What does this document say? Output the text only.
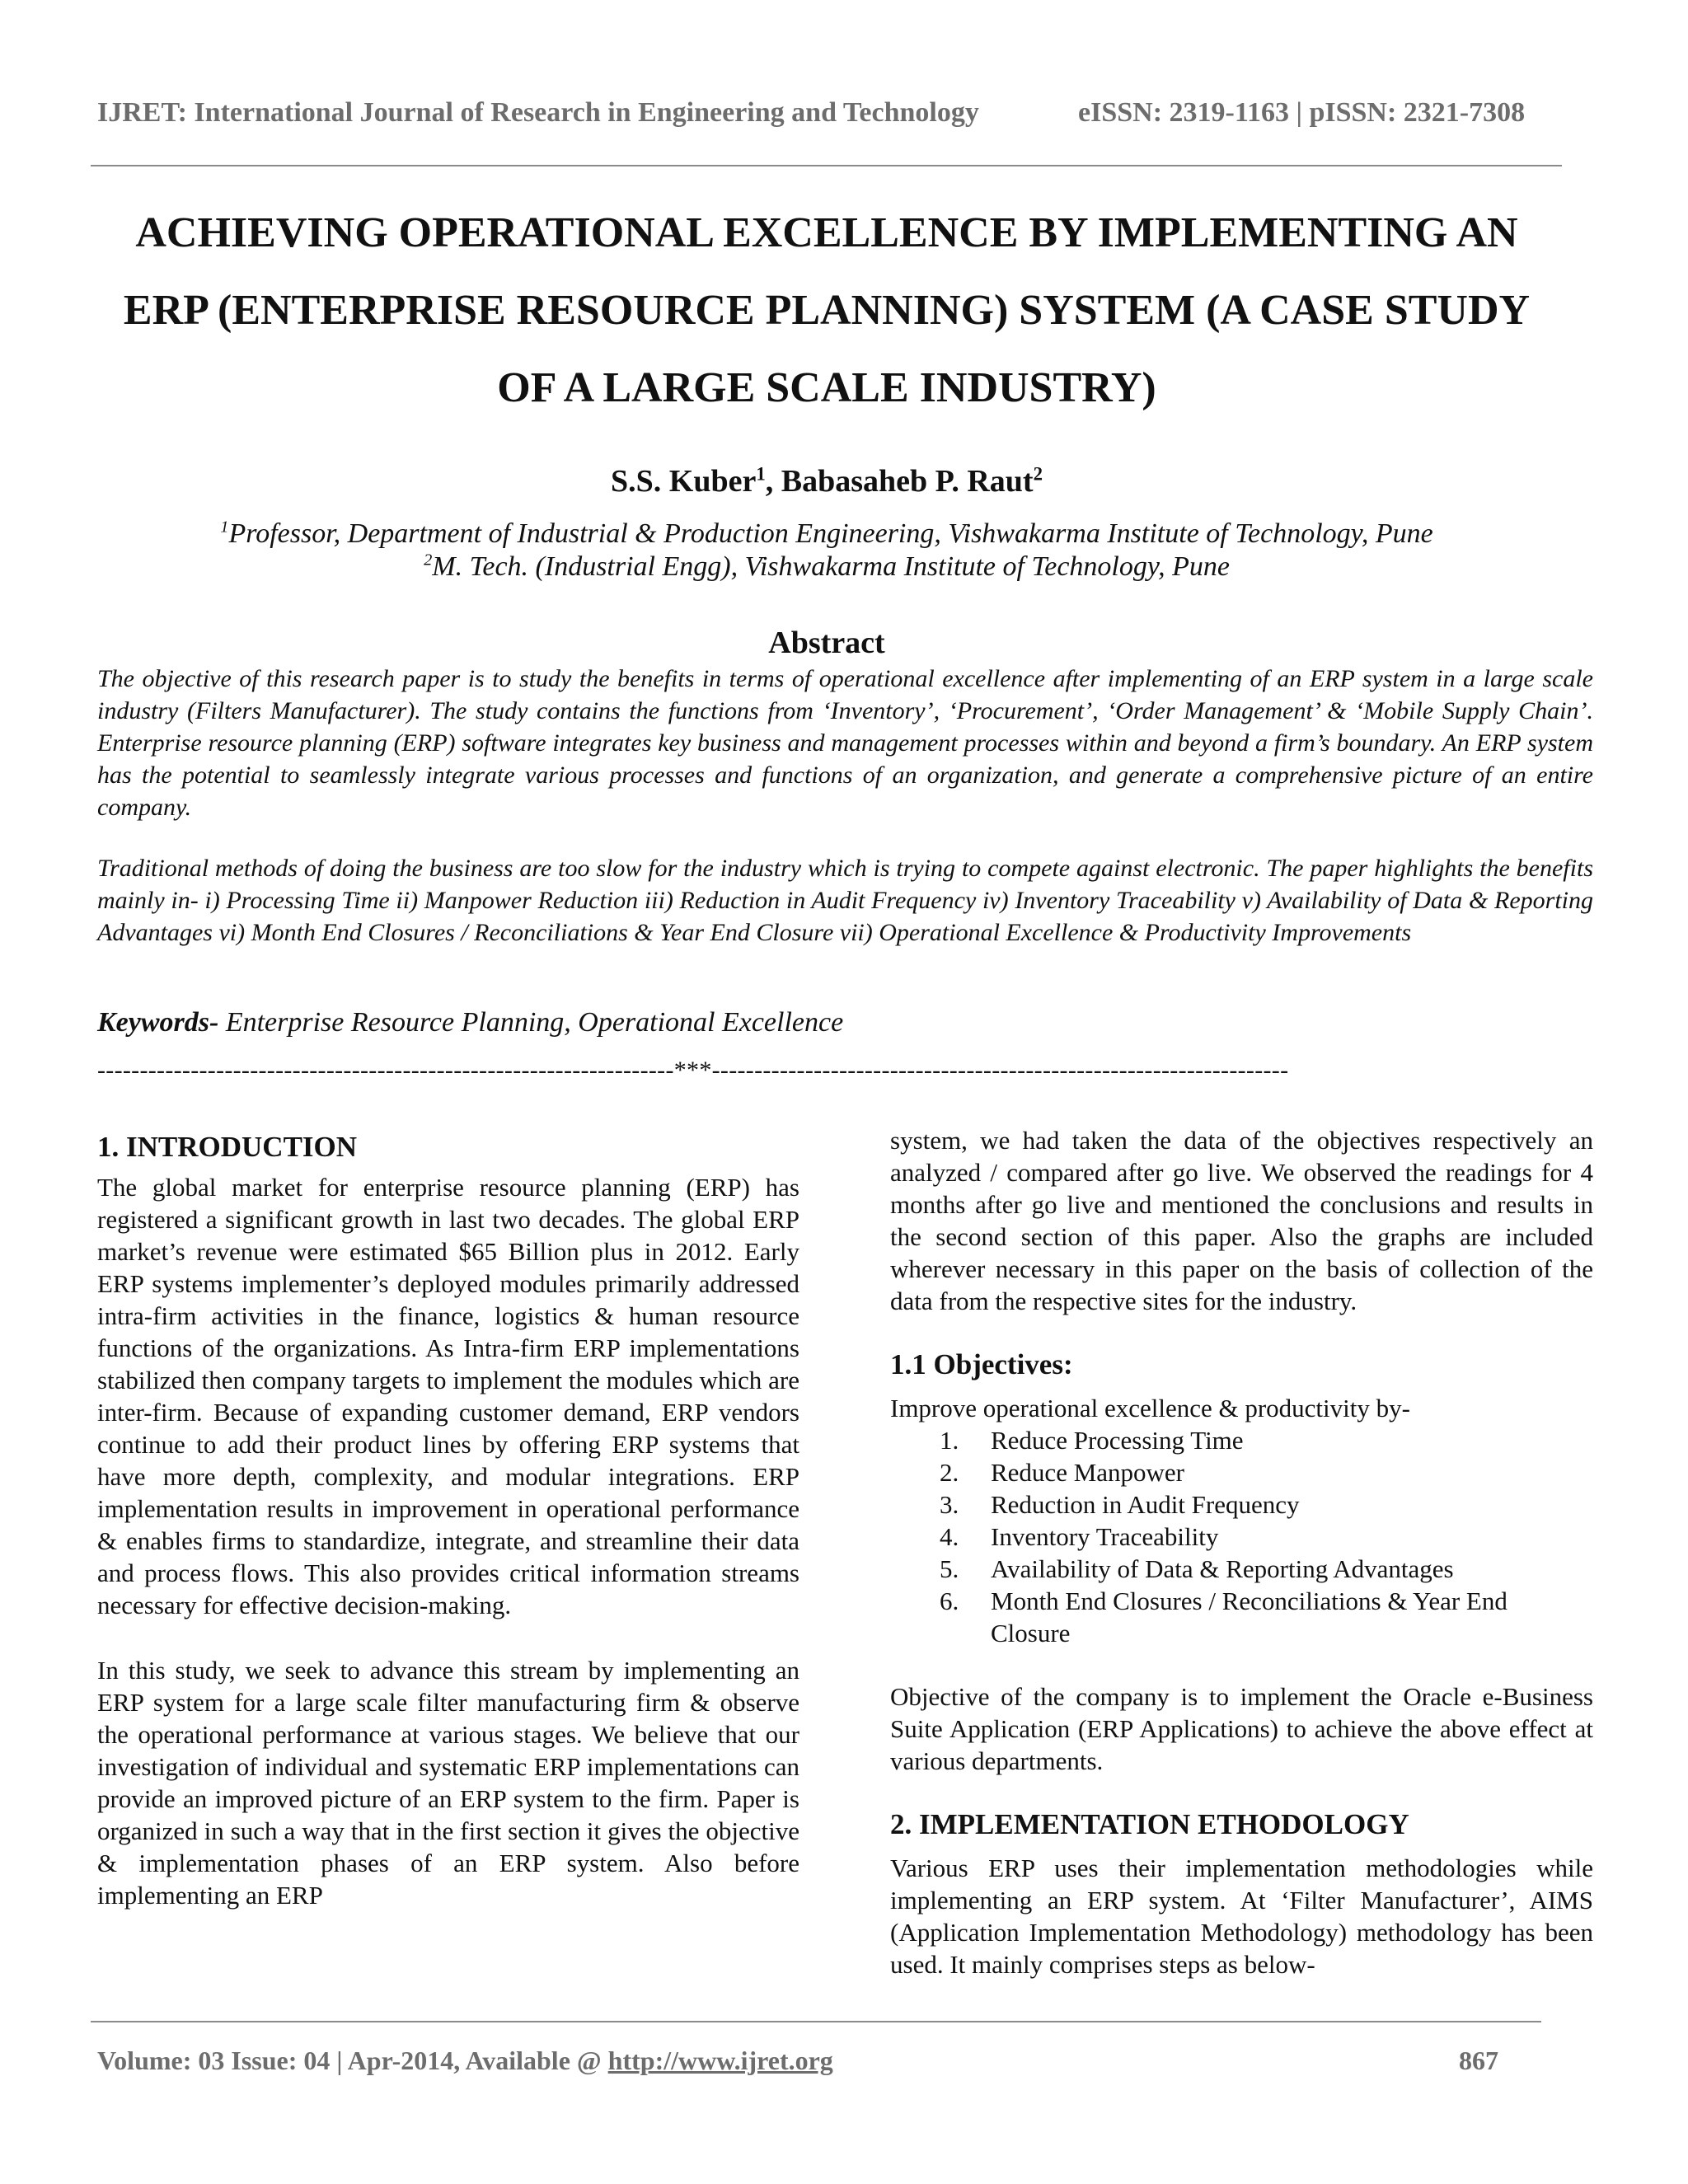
IJRET: International Journal of Research in Engineering and Technology	eISSN: 2319-1163 | pISSN: 2321-7308
ACHIEVING OPERATIONAL EXCELLENCE BY IMPLEMENTING AN ERP (ENTERPRISE RESOURCE PLANNING) SYSTEM (A CASE STUDY OF A LARGE SCALE INDUSTRY)
S.S. Kuber$^1$, Babasaheb P. Raut$^2$
$^1$Professor, Department of Industrial & Production Engineering, Vishwakarma Institute of Technology, Pune
$^2$M. Tech. (Industrial Engg), Vishwakarma Institute of Technology, Pune
Abstract
The objective of this research paper is to study the benefits in terms of operational excellence after implementing of an ERP system in a large scale industry (Filters Manufacturer). The study contains the functions from ‘Inventory’, ‘Procurement’, ‘Order Management’ & ‘Mobile Supply Chain’. Enterprise resource planning (ERP) software integrates key business and management processes within and beyond a firm’s boundary. An ERP system has the potential to seamlessly integrate various processes and functions of an organization, and generate a comprehensive picture of an entire company.
Traditional methods of doing the business are too slow for the industry which is trying to compete against electronic. The paper highlights the benefits mainly in- i) Processing Time ii) Manpower Reduction iii) Reduction in Audit Frequency iv) Inventory Traceability v) Availability of Data & Reporting Advantages vi) Month End Closures / Reconciliations & Year End Closure vii) Operational Excellence & Productivity Improvements
Keywords- Enterprise Resource Planning, Operational Excellence
--------------------------------------------------------------------***--------------------------------------------------------------------
1. INTRODUCTION

The global market for enterprise resource planning (ERP) has registered a significant growth in last two decades. The global ERP market’s revenue were estimated $65 Billion plus in 2012. Early ERP systems implementer’s deployed modules primarily addressed intra-firm activities in the finance, logistics & human resource functions of the organizations. As Intra-firm ERP implementations stabilized then company targets to implement the modules which are inter-firm. Because of expanding customer demand, ERP vendors continue to add their product lines by offering ERP systems that have more depth, complexity, and modular integrations. ERP implementation results in improvement in operational performance & enables firms to standardize, integrate, and streamline their data and process flows. This also provides critical information streams necessary for effective decision-making.

In this study, we seek to advance this stream by implementing an ERP system for a large scale filter manufacturing firm & observe the operational performance at various stages. We believe that our investigation of individual and systematic ERP implementations can provide an improved picture of an ERP system to the firm. Paper is organized in such a way that in the first section it gives the objective & implementation phases of an ERP system. Also before implementing an ERP

system, we had taken the data of the objectives respectively an analyzed / compared after go live. We observed the readings for 4 months after go live and mentioned the conclusions and results in the second section of this paper. Also the graphs are included wherever necessary in this paper on the basis of collection of the data from the respective sites for the industry.

1.1 Objectives:

Improve operational excellence & productivity by-

1. Reduce Processing Time
2. Reduce Manpower
3. Reduction in Audit Frequency
4. Inventory Traceability
5. Availability of Data & Reporting Advantages
6. Month End Closures / Reconciliations & Year End Closure

Objective of the company is to implement the Oracle e-Business Suite Application (ERP Applications) to achieve the above effect at various departments.

2. IMPLEMENTATION ETHODOLOGY

Various ERP uses their implementation methodologies while implementing an ERP system. At ‘Filter Manufacturer’, AIMS (Application Implementation Methodology) methodology has been used. It mainly comprises steps as below-

Volume: 03 Issue: 04 | Apr-2014, Available @ http://www.ijret.org	867
